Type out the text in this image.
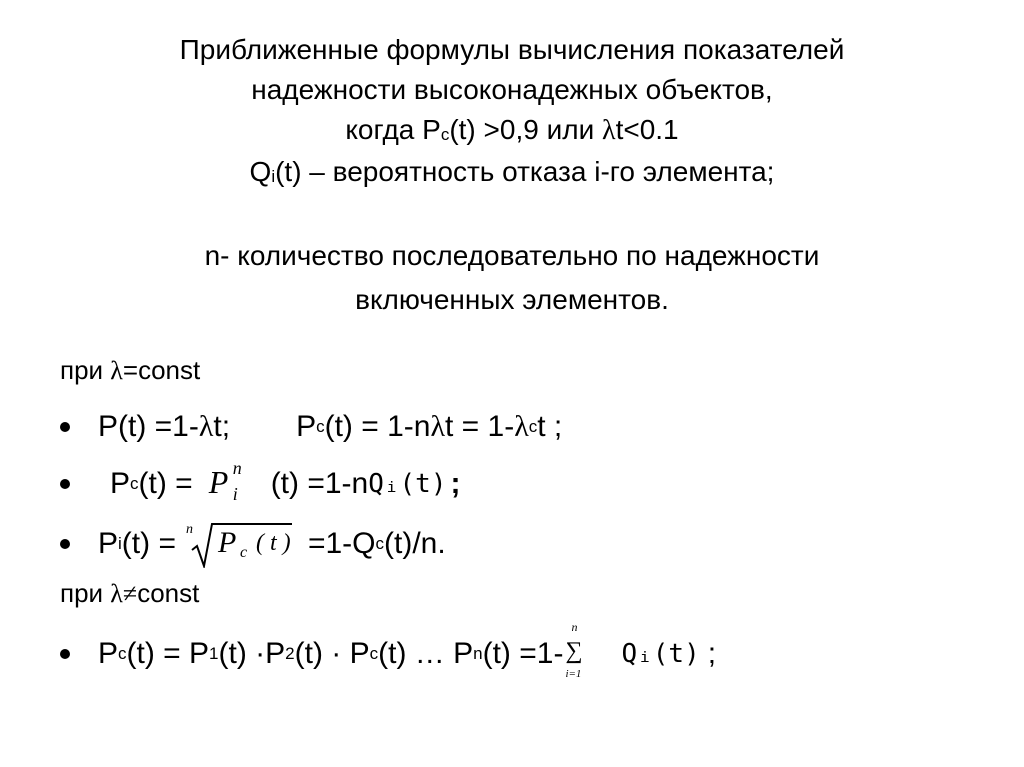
Приближенные формулы вычисления показателей
надежности высоконадежных объектов,
когда Pc(t) >0,9 или λt<0.1
Qi(t) – вероятность отказа i-го элемента;
n- количество последовательно по надежности
включенных элементов.
при λ=const
P(t) =1- λ t; P c (t) = 1-n λ t = 1- λ c t ;
P c (t) = P n
i (t) =1-n Qᵢ(t) ;
P i (t) = n P c ( t ) =1-Q c (t)/n.
при λ≠const
P c (t) = P 1 (t) ·P 2 (t) · P c (t) … P n (t) =1-
n
∑
i=1
Qᵢ(t) ;
